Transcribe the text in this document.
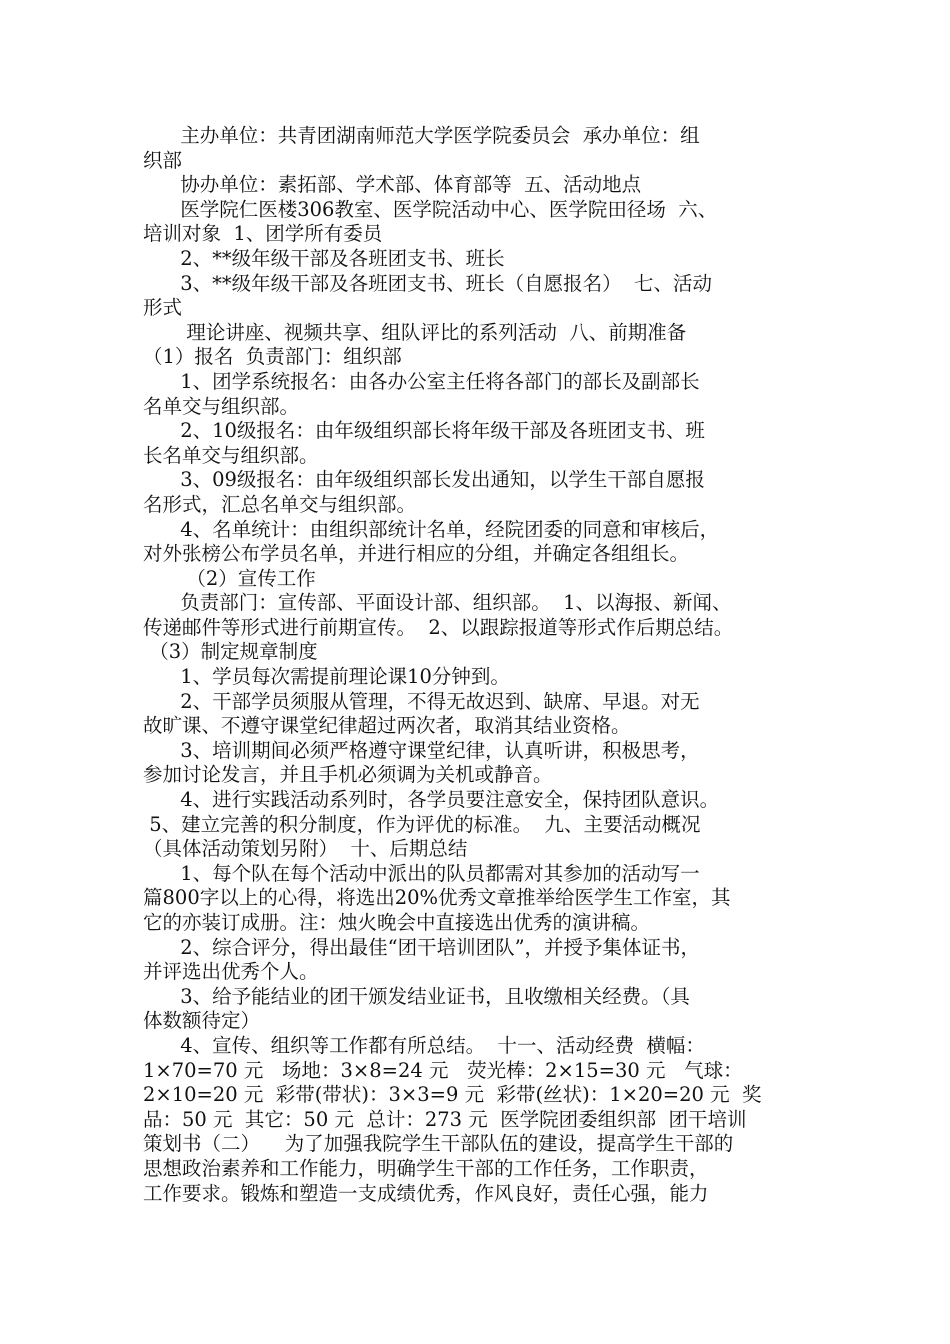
主办单位：共青团湖南师范大学医学院委员会  承办单位：组
织部
协办单位：素拓部、学术部、体育部等  五、活动地点
医学院仁医楼306教室、医学院活动中心、医学院田径场  六、
培训对象  1、团学所有委员
2、**级年级干部及各班团支书、班长
3、**级年级干部及各班团支书、班长（自愿报名）  七、活动
形式
理论讲座、视频共享、组队评比的系列活动  八、前期准备
（1）报名  负责部门：组织部
1、团学系统报名：由各办公室主任将各部门的部长及副部长
名单交与组织部。
2、10级报名：由年级组织部长将年级干部及各班团支书、班
长名单交与组织部。
3、09级报名：由年级组织部长发出通知，以学生干部自愿报
名形式，汇总名单交与组织部。
4、名单统计：由组织部统计名单，经院团委的同意和审核后，
对外张榜公布学员名单，并进行相应的分组，并确定各组组长。
（2）宣传工作
负责部门：宣传部、平面设计部、组织部。  1、以海报、新闻、
传递邮件等形式进行前期宣传。  2、以跟踪报道等形式作后期总结。
（3）制定规章制度
1、学员每次需提前理论课10分钟到。
2、干部学员须服从管理，不得无故迟到、缺席、早退。对无
故旷课、不遵守课堂纪律超过两次者，取消其结业资格。
3、培训期间必须严格遵守课堂纪律，认真听讲，积极思考，
参加讨论发言，并且手机必须调为关机或静音。
4、进行实践活动系列时，各学员要注意安全，保持团队意识。
5、建立完善的积分制度，作为评优的标准。  九、主要活动概况
（具体活动策划另附）  十、后期总结
1、每个队在每个活动中派出的队员都需对其参加的活动写一
篇800字以上的心得，将选出20%优秀文章推举给医学生工作室，其
它的亦装订成册。注：烛火晚会中直接选出优秀的演讲稿。
2、综合评分，得出最佳“团干培训团队”，并授予集体证书，
并评选出优秀个人。
3、给予能结业的团干颁发结业证书，且收缴相关经费。（具
体数额待定）
4、宣传、组织等工作都有所总结。  十一、活动经费  横幅：
1×70=70 元   场地：3×8=24 元   荧光棒：2×15=30 元   气球：
2×10=20 元  彩带(带状)：3×3=9 元  彩带(丝状)：1×20=20 元  奖
品：50 元  其它：50 元  总计：273 元  医学院团委组织部  团干培训
策划书（二）    为了加强我院学生干部队伍的建设，提高学生干部的
思想政治素养和工作能力，明确学生干部的工作任务，工作职责，
工作要求。锻炼和塑造一支成绩优秀，作风良好，责任心强，能力
